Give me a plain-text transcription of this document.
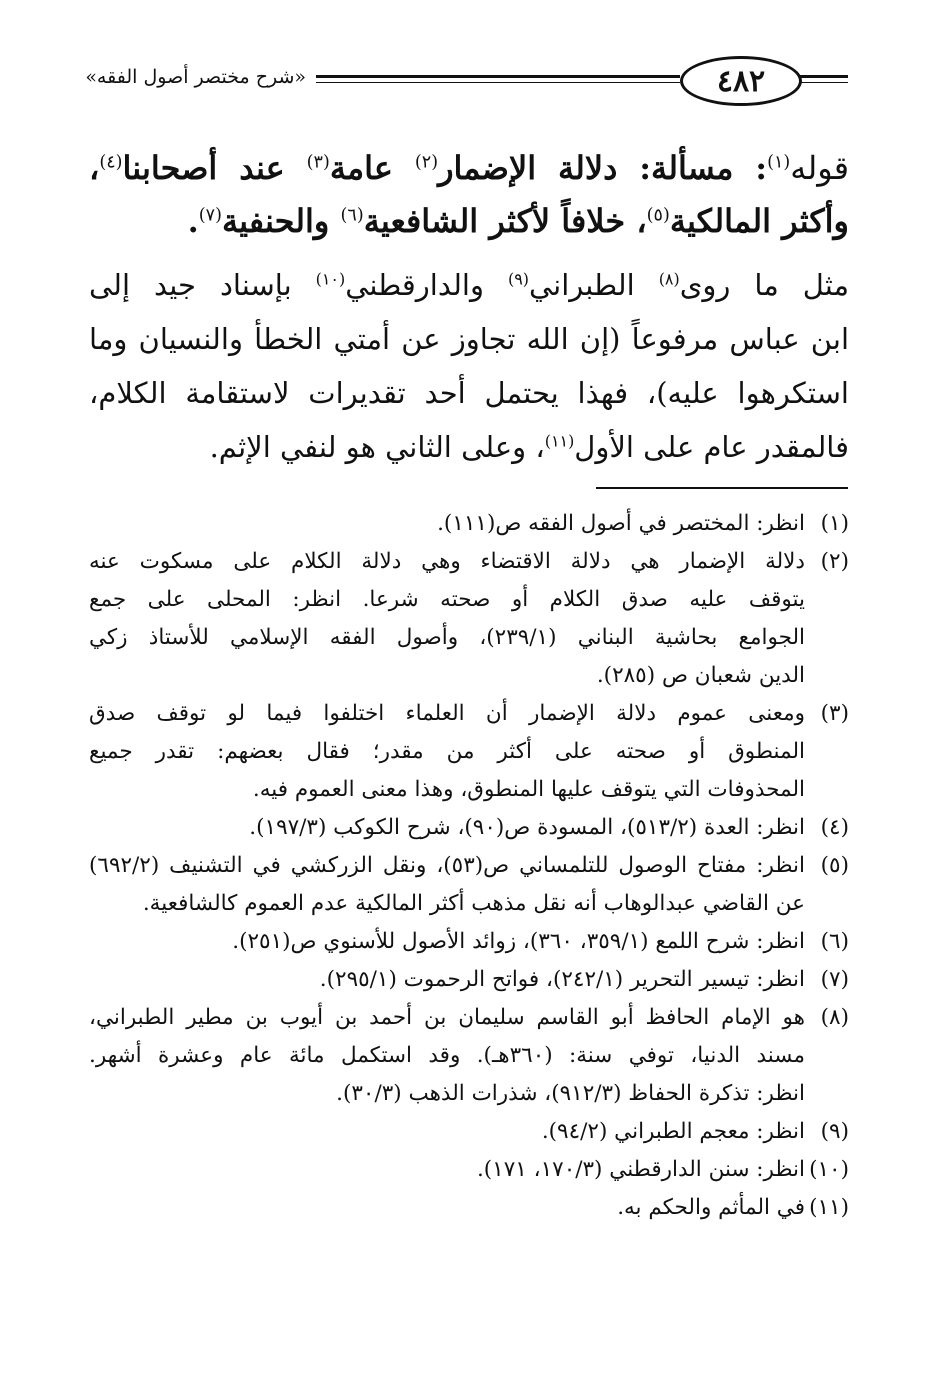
٤٨٢
«شرح مختصر أصول الفقه»

قوله$^{(١)}$: مسألة: دلالة الإضمار$^{(٢)}$ عامة$^{(٣)}$ عند أصحابنا$^{(٤)}$،
وأكثر المالكية$^{(٥)}$، خلافاً لأكثر الشافعية$^{(٦)}$ والحنفية$^{(٧)}$.

مثل ما روى$^{(٨)}$ الطبراني$^{(٩)}$ والدارقطني$^{(١٠)}$ بإسناد جيد إلى
ابن عباس مرفوعاً (إن الله تجاوز عن أمتي الخطأ والنسيان وما
استكرهوا عليه)، فهذا يحتمل أحد تقديرات لاستقامة الكلام،
فالمقدر عام على الأول$^{(١١)}$، وعلى الثاني هو لنفي الإثم.

(١)
انظر: المختصر في أصول الفقه ص(١١١).
(٢)
دلالة الإضمار هي دلالة الاقتضاء وهي دلالة الكلام على مسكوت عنه
يتوقف عليه صدق الكلام أو صحته شرعا. انظر: المحلى على جمع
الجوامع بحاشية البناني (٢٣٩/١)، وأصول الفقه الإسلامي للأستاذ زكي
الدين شعبان ص (٢٨٥).
(٣)
ومعنى عموم دلالة الإضمار أن العلماء اختلفوا فيما لو توقف صدق
المنطوق أو صحته على أكثر من مقدر؛ فقال بعضهم: تقدر جميع
المحذوفات التي يتوقف عليها المنطوق، وهذا معنى العموم فيه.
(٤)
انظر: العدة (٥١٣/٢)، المسودة ص(٩٠)، شرح الكوكب (١٩٧/٣).
(٥)
انظر: مفتاح الوصول للتلمساني ص(٥٣)، ونقل الزركشي في التشنيف (٦٩٢/٢)
عن القاضي عبدالوهاب أنه نقل مذهب أكثر المالكية عدم العموم كالشافعية.
(٦)
انظر: شرح اللمع (٣٥٩/١، ٣٦٠)، زوائد الأصول للأسنوي ص(٢٥١).
(٧)
انظر: تيسير التحرير (٢٤٢/١)، فواتح الرحموت (٢٩٥/١).
(٨)
هو الإمام الحافظ أبو القاسم سليمان بن أحمد بن أيوب بن مطير الطبراني،
مسند الدنيا، توفي سنة: (٣٦٠هـ). وقد استكمل مائة عام وعشرة أشهر.
انظر: تذكرة الحفاظ (٩١٢/٣)، شذرات الذهب (٣٠/٣).
(٩)
انظر: معجم الطبراني (٩٤/٢).
(١٠)
انظر: سنن الدارقطني (١٧٠/٣، ١٧١).
(١١)
في المأثم والحكم به.
